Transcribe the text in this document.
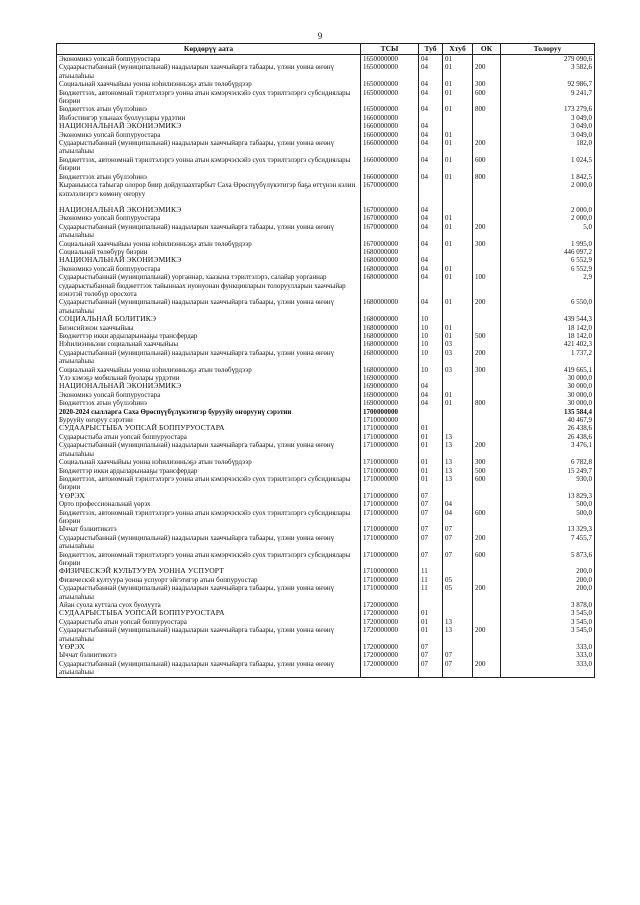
9
Көрдөрүү аата	ТСЫ	Туб	Хтуб	ОК	Толоруу
Экономикэ уопсай боппуруостара	1650000000	04	01		279 090,6
Судаарыстыбаннай (муниципальнай) наадыларын хааччыйарга табаары, үлэни уонна өҥөнү атыылаһыы	1650000000	04	01	200	3 582,6
Социальнай хааччыйыы уонна нэһилиэнньэҕэ атын төлөбүрдээр	1650000000	04	01	300	92 986,7
Бюджеттээх, автономнай тэрилтэлэргэ уонна атын кэмэрчэскэйэ суох тэрилтэлэргэ субсидиялары биэрии	1650000000	04	01	600	9 241,7
Бюджеттээх атын үбүлээһинэ	1650000000	04	01	800	173 279,6
Инбэстиигэр ульнаах буолуулары урдэтии	1660000000				3 049,0
НАЦИОНАЛЬНАЙ ЭКОНИЭМИКЭ	1660000000	04			3 049,0
Экономикэ уопсай боппуруостара	1660000000	04	01		3 049,0
Судаарыстыбаннай (муниципальнай) наадыларын хааччыйарга табаары, үлэни уонна өҥөнү атыылаһыы	1660000000	04	01	200	182,0
Бюджеттээх, автономнай тэрилтэлэргэ уонна атын кэмэрчэскэйэ суох тэрилтэлэргэ субсидиялары биэрии	1660000000	04	01	600	1 024,5
Бюджеттээх атын үбүлээһинэ	1660000000	04	01	800	1 842,5
Кыраныысса таһыгар олорор бииp дойдулаахтарбыт Саха Өрөспүүбүлүкэтигэр баҕа өттүнэн кэлии кэпэлэлиэргэ көмөнү оҥоруу	1670000000				2 000,0

НАЦИОНАЛЬНАЙ ЭКОНИЭМИКЭ	1670000000	04			2 000,0
Экономикэ уопсай боппуруостара	1670000000	04	01		2 000,0
Судаарыстыбаннай (муниципальнай) наадыларын хааччыйарга табаары, үлэни уонна өҥөнү атыылаһыы	1670000000	04	01	200	5,0
Социальнай хааччыйыы уонна нэһилиэнньэҕэ атын төлөбүрдээр	1670000000	04	01	300	1 995,0
Социальнай төлөбүрү биэрии	1680000000				446 097,2
НАЦИОНАЛЬНАЙ ЭКОНИЭМИКЭ	1680000000	04			6 552,9
Экономикэ уопсай боппуруостара	1680000000	04	01		6 552,9
Судаарыстыбаннай (муниципальнай) уорганнар, хаазына тэрилтэлэрэ, салайар уорганнар судаарыстыбаннай бюджеттээх тайыннаах иуонуонан функцияларын толоруулларын хааччыйар иэнэтэй төлөбүр оросхота	1680000000	04	01	100	2,9
Судаарыстыбаннай (муниципальнай) наадыларын хааччыйарга табаары, үлэни уонна өҥөнү атыылаһыы	1680000000	04	01	200	6 550,0
СОЦИАЛЬНАЙ БОЛИТИКЭ	1680000000	10			439 544,3
Биэнсийэнэн хааччыйыы	1680000000	10	01		18 142,0
Бюджеттэр икки ардыларынааҕы трансфердар	1680000000	10	01	500	18 142,0
Нэһилиэнньэни социальнай хааччыйыы	1680000000	10	03		421 402,3
Судаарыстыбаннай (муниципальнай) наадыларын хааччыйарга табаары, үлэни уонна өҥөнү атыылаһыы	1680000000	10	03	200	1 737,2
Социальнай хааччыйыы уонна нэһилиэнньэҕэ атын төлөбүрдээр	1680000000	10	03	300	419 665,1
Үлэ кэмэҕэ мобильнай буолары урдэтии	1690000000				30 000,0
НАЦИОНАЛЬНАЙ ЭКОНИЭМИКЭ	1690000000	04			30 000,0
Экономикэ уопсай боппуруостара	1690000000	04	01		30 000,0
Бюджеттээх атын үбүлээһинэ	1690000000	04	01	800	30 000,0
2020-2024 сылларга Саха Өрөспүүбүлүкэтигэр бурууйу оҥоруунү сэрэтии	1700000000				135 584,4
Бурууйу оҥоруу сэрэтии	1710000000				40 467,9
СУДААРЫСТЫБА УОПСАЙ БОППУРУОСТАРА	1710000000	01			26 438,6
Судаарыстыба атын уопсай боппуруостара	1710000000	01	13		26 438,6
Судаарыстыбаннай (муниципальнай) наадыларын хааччыйарга табаары, үлэни уонна өҥөнү атыылаһыы	1710000000	01	13	200	3 476,1
Социальнай хааччыйыы уонна нэһилиэнньэҕэ атын төлөбүрдээр	1710000000	01	13	300	6 782,8
Бюджеттэр икки ардыларынааҕы трансфердар	1710000000	01	13	500	15 249,7
Бюджеттээх, автономнай тэрилтэлэргэ уонна атын кэмэрчэскэйэ суох тэрилтэлэргэ субсидиялары биэрии	1710000000	01	13	600	930,0
ҮӨРЭХ	1710000000	07			13 829,3
Орто профессиональнай үөрэх	1710000000	07	04		500,0
Бюджеттээх, автономнай тэрилтэлэргэ уонна атын кэмэрчэскэйэ суох тэрилтэлэргэ субсидиялары биэрии	1710000000	07	04	600	500,0
Ыччат бэлиитикэтэ	1710000000	07	07		13 329,3
Судаарыстыбаннай (муниципальнай) наадыларын хааччыйарга табаары, үлэни уонна өҥөнү атыылаһыы	1710000000	07	07	200	7 455,7
Бюджеттээх, автономнай тэрилтэлэргэ уонна атын кэмэрчэскэйэ суох тэрилтэлэргэ субсидиялары биэрии	1710000000	07	07	600	5 873,6
ФИЗИЧЕСКЭЙ КУЛЬТУУРА УОННА УСПУОРТ	1710000000	11			200,0
Физическэй култуура уонна успуорт эйгэтигэр атын боппуруостар	1710000000	11	05		200,0
Судаарыстыбаннай (муниципальнай) наадыларын хааччыйарга табаары, үлэни уонна өҥөнү атыылаһыы	1710000000	11	05	200	200,0
Айан суола куттала суох буолуута	1720000000				3 878,0
СУДААРЫСТЫБА УОПСАЙ БОППУРУОСТАРА	1720000000	01			3 545,0
Судаарыстыба атын уопсай боппуруостара	1720000000	01	13		3 545,0
Судаарыстыбаннай (муниципальнай) наадыларын хааччыйарга табаары, үлэни уонна өҥөнү атыылаһыы	1720000000	01	13	200	3 545,0
ҮӨРЭХ	1720000000	07			333,0
Ыччат бэлиитикэтэ	1720000000	07	07		333,0
Судаарыстыбаннай (муниципальнай) наадыларын хааччыйарга табаары, үлэни уонна өҥөнү атыылаһыы	1720000000	07	07	200	333,0
